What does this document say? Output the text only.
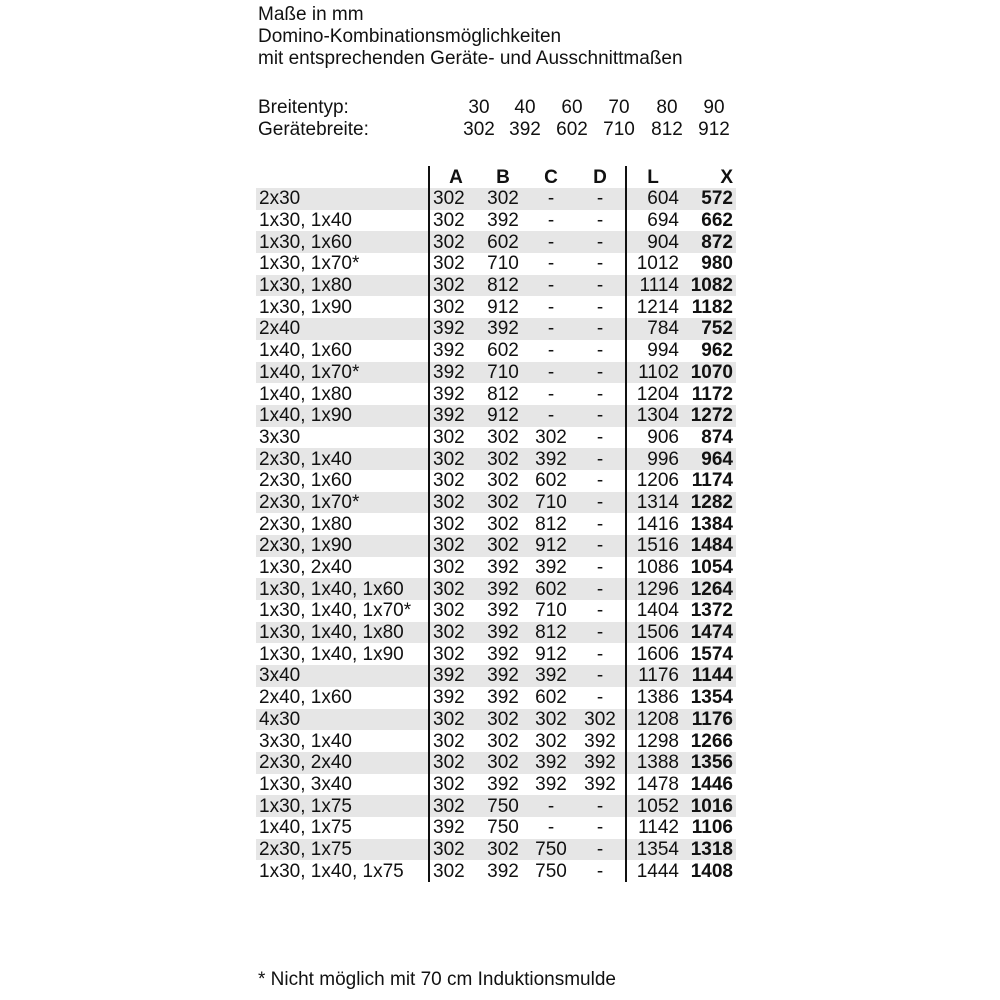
Maße in mm
Domino-Kombinationsmöglichkeiten
mit entsprechenden Geräte- und Ausschnittmaßen
Breitentyp:	30	40	60	70	80	90
Gerätebreite:	302 392 602 710 812 912
	A	B	C	D	L	X
2x30	302	302	-	-	604	572
1x30, 1x40	302	392	-	-	694	662
1x30, 1x60	302	602	-	-	904	872
1x30, 1x70*	302	710	-	-	1012	980
1x30, 1x80	302	812	-	-	1114	1082
1x30, 1x90	302	912	-	-	1214	1182
2x40	392	392	-	-	784	752
1x40, 1x60	392	602	-	-	994	962
1x40, 1x70*	392	710	-	-	1102	1070
1x40, 1x80	392	812	-	-	1204	1172
1x40, 1x90	392	912	-	-	1304	1272
3x30	302	302	302	-	906	874
2x30, 1x40	302	302	392	-	996	964
2x30, 1x60	302	302	602	-	1206	1174
2x30, 1x70*	302	302	710	-	1314	1282
2x30, 1x80	302	302	812	-	1416	1384
2x30, 1x90	302	302	912	-	1516	1484
1x30, 2x40	302	392	392	-	1086	1054
1x30, 1x40, 1x60	302	392	602	-	1296	1264
1x30, 1x40, 1x70*	302	392	710	-	1404	1372
1x30, 1x40, 1x80	302	392	812	-	1506	1474
1x30, 1x40, 1x90	302	392	912	-	1606	1574
3x40	392	392	392	-	1176	1144
2x40, 1x60	392	392	602	-	1386	1354
4x30	302	302	302	302	1208	1176
3x30, 1x40	302	302	302	392	1298	1266
2x30, 2x40	302	302	392	392	1388	1356
1x30, 3x40	302	392	392	392	1478	1446
1x30, 1x75	302	750	-	-	1052	1016
1x40, 1x75	392	750	-	-	1142	1106
2x30, 1x75	302	302	750	-	1354	1318
1x30, 1x40, 1x75	302	392	750	-	1444	1408
* Nicht möglich mit 70 cm Induktionsmulde
